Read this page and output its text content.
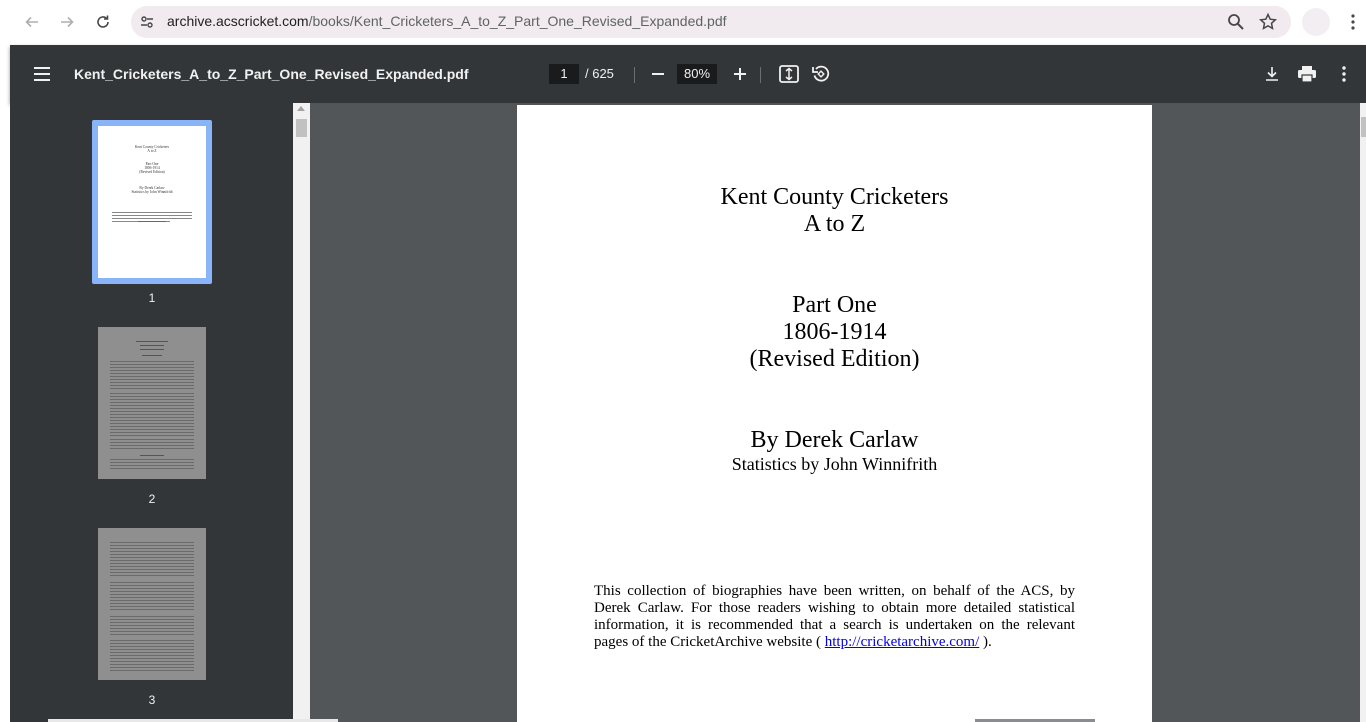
archive.acscricket.com/books/Kent_Cricketers_A_to_Z_Part_One_Revised_Expanded.pdf
Kent_Cricketers_A_to_Z_Part_One_Revised_Expanded.pdf	1	/ 625	80%
Kent County Cricketers
A to Z
Part One
1806-1914
(Revised Edition)
By Derek Carlaw
Statistics by John Winnifrith
1
2
3
Kent County Cricketers
A to Z
Part One
1806-1914
(Revised Edition)
By Derek Carlaw
Statistics by John Winnifrith
This collection of biographies have been written, on behalf of the ACS, by Derek Carlaw. For those readers wishing to obtain more detailed statistical information, it is recommended that a search is undertaken on the relevant pages of the CricketArchive website ( http://cricketarchive.com/ ).
